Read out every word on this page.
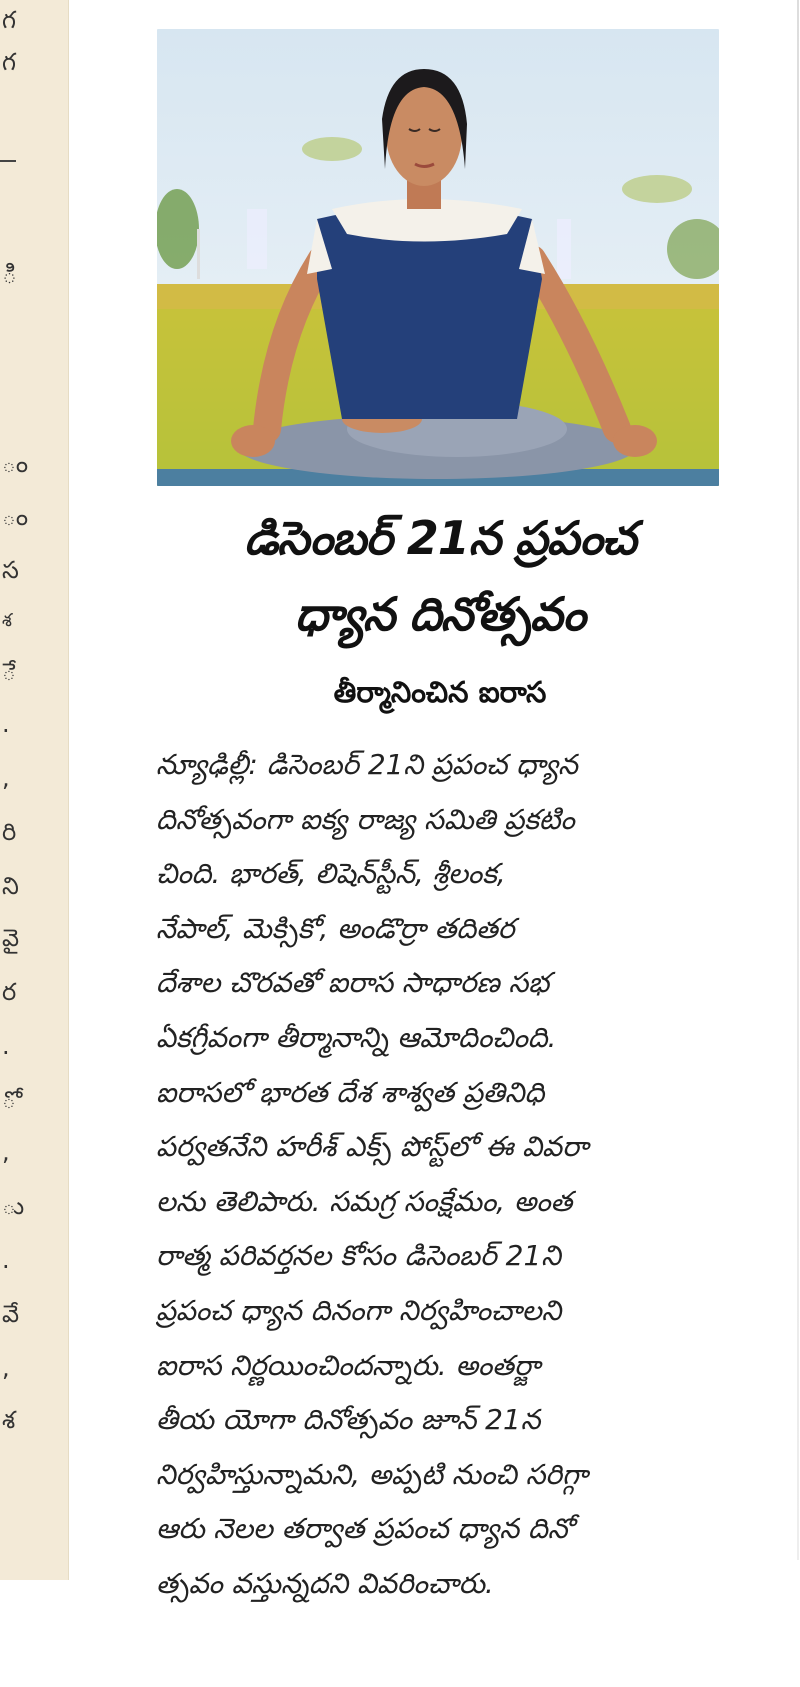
గ
గ
ి
ం
ం
స
శ
ే
.
,
రి
ని
వై
ర
.
ో
,
ు
.
వే
,
శ
డిసెంబర్ 21న ప్రపంచ
ధ్యాన దినోత్సవం
తీర్మానించిన ఐరాస
న్యూఢిల్లీ: డిసెంబర్ 21ని ప్రపంచ ధ్యాన
దినోత్సవంగా ఐక్య రాజ్య సమితి ప్రకటిం
చింది. భారత్, లిషెన్‌స్టీన్, శ్రీలంక,
నేపాల్, మెక్సికో, అండొర్రా తదితర
దేశాల చొరవతో ఐరాస సాధారణ సభ
ఏకగ్రీవంగా తీర్మానాన్ని ఆమోదించింది.
ఐరాసలో భారత దేశ శాశ్వత ప్రతినిధి
పర్వతనేని హరీశ్ ఎక్స్ పోస్ట్‌లో ఈ వివరా
లను తెలిపారు. సమగ్ర సంక్షేమం, అంత
రాత్మ పరివర్తనల కోసం డిసెంబర్ 21ని
ప్రపంచ ధ్యాన దినంగా నిర్వహించాలని
ఐరాస నిర్ణయించిందన్నారు. అంతర్జా
తీయ యోగా దినోత్సవం జూన్ 21న
నిర్వహిస్తున్నామని, అప్పటి నుంచి సరిగ్గా
ఆరు నెలల తర్వాత ప్రపంచ ధ్యాన దినో
త్సవం వస్తున్నదని వివరించారు.
